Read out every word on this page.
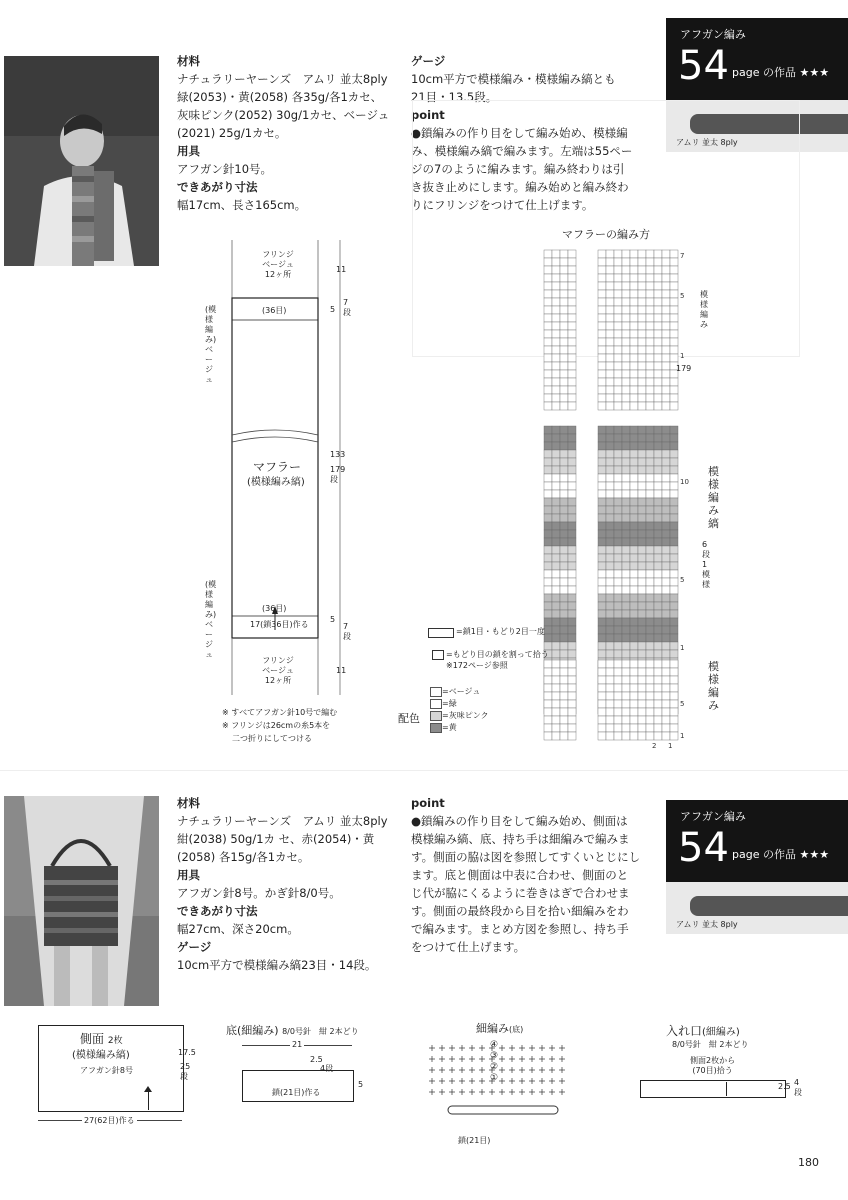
材料
ナチュラリーヤーンズ　アムリ 並太8ply
緑(2053)・黄(2058) 各35g/各1カセ、
灰味ピンク(2052) 30g/1カセ、ベージュ
(2021) 25g/1カセ。
用具
アフガン針10号。
できあがり寸法
幅17cm、長さ165cm。
ゲージ
10cm平方で模様編み・模様編み縞とも
21目・13.5段。
point
●鎖編みの作り目をして編み始め、模様編
み、模様編み縞で編みます。左端は55ペー
ジの7のように編みます。編み終わりは引
き抜き止めにします。編み始めと編み終わ
りにフリンジをつけて仕上げます。
アフガン編み
54 page の作品 ★★★
アムリ 並太 8ply
フリンジ
ベージュ
12ヶ所
11
5
7段
(36目)
(模様編み) ベージュ
マフラー
(模様編み縞)
133
179段
(36目)
17(鎖36目)作る
(模様編み) ベージュ
5
7段
フリンジ
ベージュ
12ヶ所
11
※ すべてアフガン針10号で編む
※ フリンジは26cmの糸5本を
二つ折りにしてつける
マフラーの編み方
7
5
1
10
5
1
5
1
2 1
模様編み
179
模様編み縞
6段1模様
模様編み
=鎖1目・もどり2目一度
=もどり目の鎖を割って拾う
※172ページ参照
配色
=ベージュ
=緑
=灰味ピンク
=黄
材料
ナチュラリーヤーンズ　アムリ 並太8ply
紺(2038) 50g/1カ セ、赤(2054)・黄
(2058) 各15g/各1カセ。
用具
アフガン針8号。かぎ針8/0号。
できあがり寸法
幅27cm、深さ20cm。
ゲージ
10cm平方で模様編み縞23目・14段。
point
●鎖編みの作り目をして編み始め、側面は
模様編み縞、底、持ち手は細編みで編みま
す。側面の脇は図を参照してすくいとじにし
ます。底と側面は中表に合わせ、側面のと
じ代が脇にくるように巻きはぎで合わせま
す。側面の最終段から目を拾い細編みをわ
で編みます。まとめ方図を参照し、持ち手
をつけて仕上げます。
アフガン編み
54 page の作品 ★★★
アムリ 並太 8ply
側面 2枚
(模様編み縞)
アフガン針8号
17.5
25段
27(62目)作る
底(細編み) 8/0号針　紺 2本どり
21
2.5
4段
5
鎖(21目)作る
細編み(底)
④
③
②
①
鎖(21目)
入れ口(細編み)
8/0号針　紺 2本どり
側面2枚から
(70目)拾う
2.5 4段
180
